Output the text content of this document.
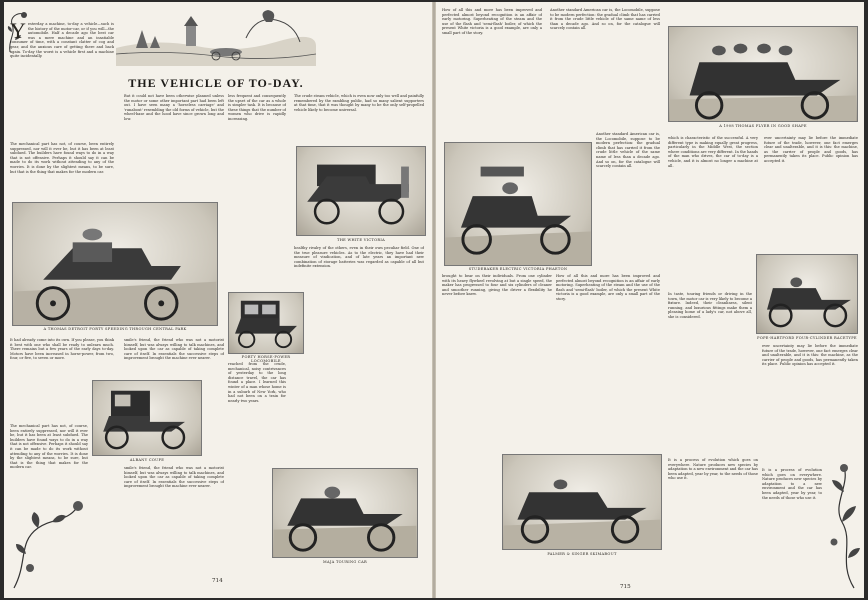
THE VEHICLE OF TO-DAY.
Y esterday a machine, to-day a vehicle—such is the history of the motor-car, or if you will—the automobile. Half a decade ago the best car was a mere machine and an insatiable consumer of time, with a constant clatter of cog and gear, and the anxious care of getting there and back again. To-day the worst is a vehicle first and a machine quite incidentally.
The mechanical part has not, of course, been entirely suppressed, nor will it ever be, but it has been at least subdued. The builders have found ways to do in a way that is not offensive. Perhaps it should say it can be made to do its work without attending to any of the worries. It is done by the slightest means, to be sure, but that is the thing that makes for the modern car.
But it could not have been otherwise planned unless the motor or some other important part had been left out. I have seen many a 'horseless carriage' and 'runabout' resembling the old forms of vehicle, but the wheel-base and the hood have since grown long and low.
less frequent and consequently the upset of the car as a whole is simpler task. It is because of these things that the number of women who drive is rapidly increasing.
The crude steam vehicle, which is even now only too well and painfully remembered by the rambling public, had so many salient supporters at that time, that it was thought by many to be the only self-propelled vehicle likely to become universal.
A THOMAS DETROIT FORTY SPEEDING THROUGH CENTRAL PARK
THE WHITE VICTORIA
healthy rivalry of the others, even in their own peculiar field. One of the true pleasure vehicles. As to the electric, they have had their measure of vindication, and of late years an important new combination of storage batteries was regarded as capable of all but indefinite extension.
FORTY HORSE-POWER LOCOMOBILE
It had already come into its own. If you please, you think it best with one who shall be ready to unlearn much. There remains but a few years of the early days to-day. Motors have been increased in horse-power, from two, four, or five, to seven or more.
smile's friend, the friend who was not a motorist himself, but was always willing to talk machines, and looked upon the car as capable of taking complete care of itself. In essentials the successive steps of improvement brought the machine ever nearer.
reached from the crude, mechanical, noisy contrivances of yesterday to the long distance travel, the car has found a place. I learned this winter of a man whose home is in a suburb of New York, who had not been on a train for nearly two years.
ALBANY COUPE
The mechanical part has not, of course, been entirely suppressed, nor will it ever be, but it has been at least subdued. The builders have found ways to do in a way that is not offensive. Perhaps it should say it can be made to do its work without attending to any of the worries. It is done by the slightest means, to be sure, but that is the thing that makes for the modern car.	smile's friend, the friend who was not a motorist himself, but was always willing to talk machines, and looked upon the car as capable of taking complete care of itself. In essentials the successive steps of improvement brought the machine ever nearer.
MAJA TOURING CAR
714
How of all this and more has been improved and perfected almost beyond recognition is an affair of early motoring. Superheating of the steam and the use of the flash and 'semi-flash' boiler, of which the present White victoria is a good example, are only a small part of the story.
Another standard American car is, the Locomobile, suppose to be modern perfection: the gradual climb that has carried it from the crude little vehicle of the same name of less than a decade ago. And so on, for the catalogue will scarcely contain all.
A 1908 THOMAS FLYER IN GOOD SHAPE
STUDEBAKER ELECTRIC VICTORIA PHAETON
Another standard American car is, the Locomobile, suppose to be modern perfection: the gradual climb that has carried it from the crude little vehicle of the same name of less than a decade ago. And so on, for the catalogue will scarcely contain all.
which is characteristic of the successful. A very different type is making equally great progress, particularly in the Middle West, the section where conditions are very different. In the hands of the man who drives, the car of to-day is a vehicle, and it is almost no longer a machine at all.
ever uncertainty may lie before the immediate future of the trade, however, one fact emerges clear and unalterable, and it is this: the machine, as the carrier of people and goods, has permanently taken its place. Public opinion has accepted it.
POPE-HARTFORD FOUR-CYLINDER RACETYPE
brought to bear on their individuals. From one cylinder with its heavy flywheel revolving at but a single speed, the maker has progressed to four and six cylinders of cleaner and smoother running, giving the driver a flexibility he never before knew.
How of all this and more has been improved and perfected almost beyond recognition is an affair of early motoring. Superheating of the steam and the use of the flash and 'semi-flash' boiler, of which the present White victoria is a good example, are only a small part of the story.
In taste, touring friends or driving in the town, the motor car is very likely to become a fixture. Indeed, their cleanliness, silent running, and luxurious fittings make them a pleasing home of a lady's car, not above all, she is considered.
ever uncertainty may lie before the immediate future of the trade, however, one fact emerges clear and unalterable, and it is this: the machine, as the carrier of people and goods, has permanently taken its place. Public opinion has accepted it.
PALMER & SINGER SKIMABOUT
It is a process of evolution which goes on everywhere. Nature produces new species by adaptation to a new environment and the car has been adapted, year by year, to the needs of those who use it.
It is a process of evolution which goes on everywhere. Nature produces new species by adaptation to a new environment and the car has been adapted, year by year, to the needs of those who use it.
715
